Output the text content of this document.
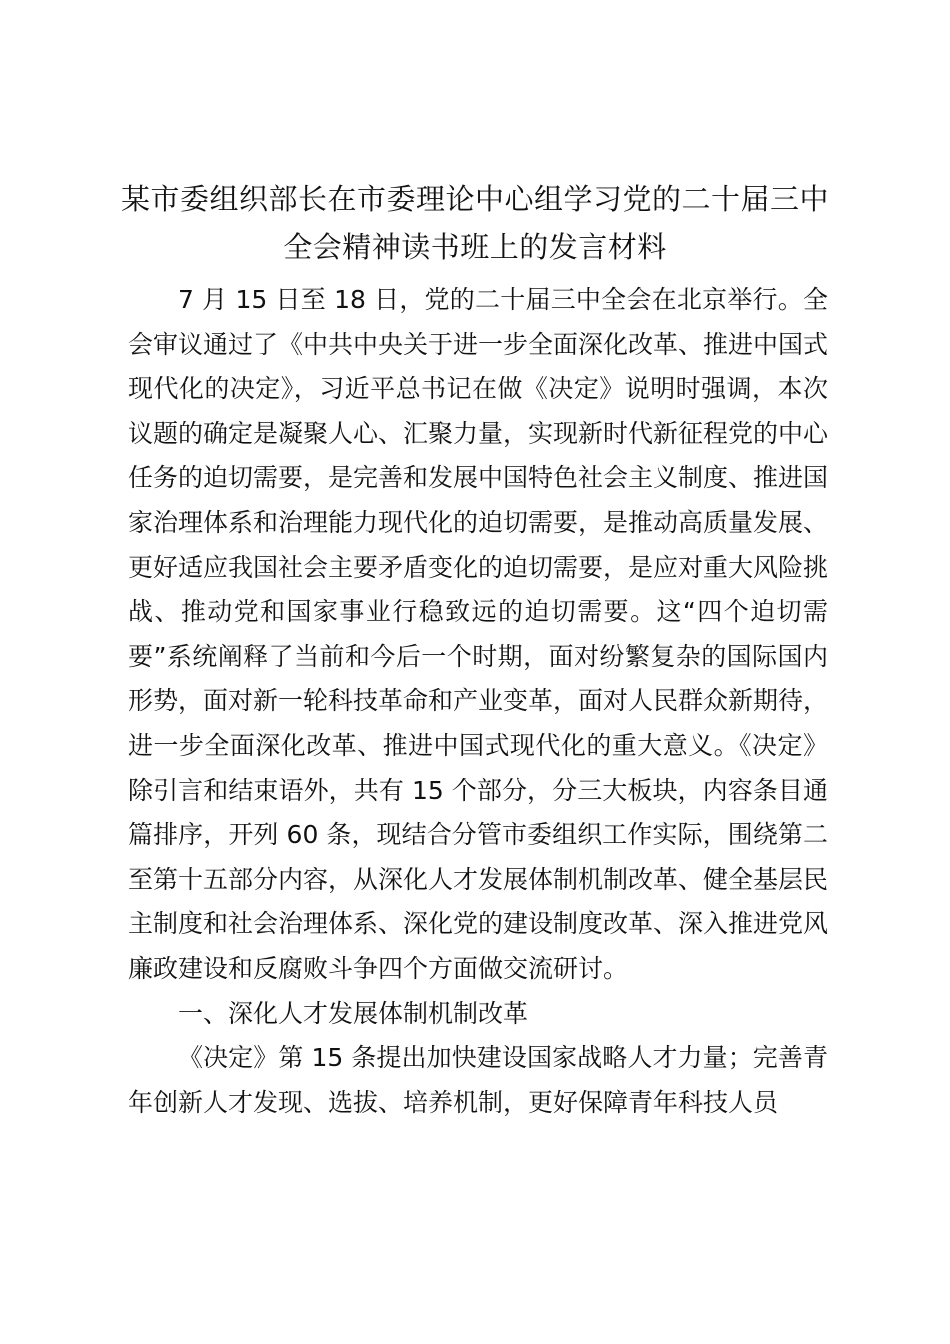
某市委组织部长在市委理论中心组学习党的二十届三中全会精神读书班上的发言材料

7 月 15 日至 18 日，党的二十届三中全会在北京举行。全会审议通过了《中共中央关于进一步全面深化改革、推进中国式现代化的决定》，习近平总书记在做《决定》说明时强调，本次议题的确定是凝聚人心、汇聚力量，实现新时代新征程党的中心任务的迫切需要，是完善和发展中国特色社会主义制度、推进国家治理体系和治理能力现代化的迫切需要，是推动高质量发展、更好适应我国社会主要矛盾变化的迫切需要，是应对重大风险挑战、推动党和国家事业行稳致远的迫切需要。这“四个迫切需要”系统阐释了当前和今后一个时期，面对纷繁复杂的国际国内形势，面对新一轮科技革命和产业变革，面对人民群众新期待，进一步全面深化改革、推进中国式现代化的重大意义。《决定》除引言和结束语外，共有 15 个部分，分三大板块，内容条目通篇排序，开列 60 条，现结合分管市委组织工作实际，围绕第二至第十五部分内容，从深化人才发展体制机制改革、健全基层民主制度和社会治理体系、深化党的建设制度改革、深入推进党风廉政建设和反腐败斗争四个方面做交流研讨。

一、深化人才发展体制机制改革

《决定》第 15 条提出加快建设国家战略人才力量；完善青年创新人才发现、选拔、培养机制，更好保障青年科技人员
